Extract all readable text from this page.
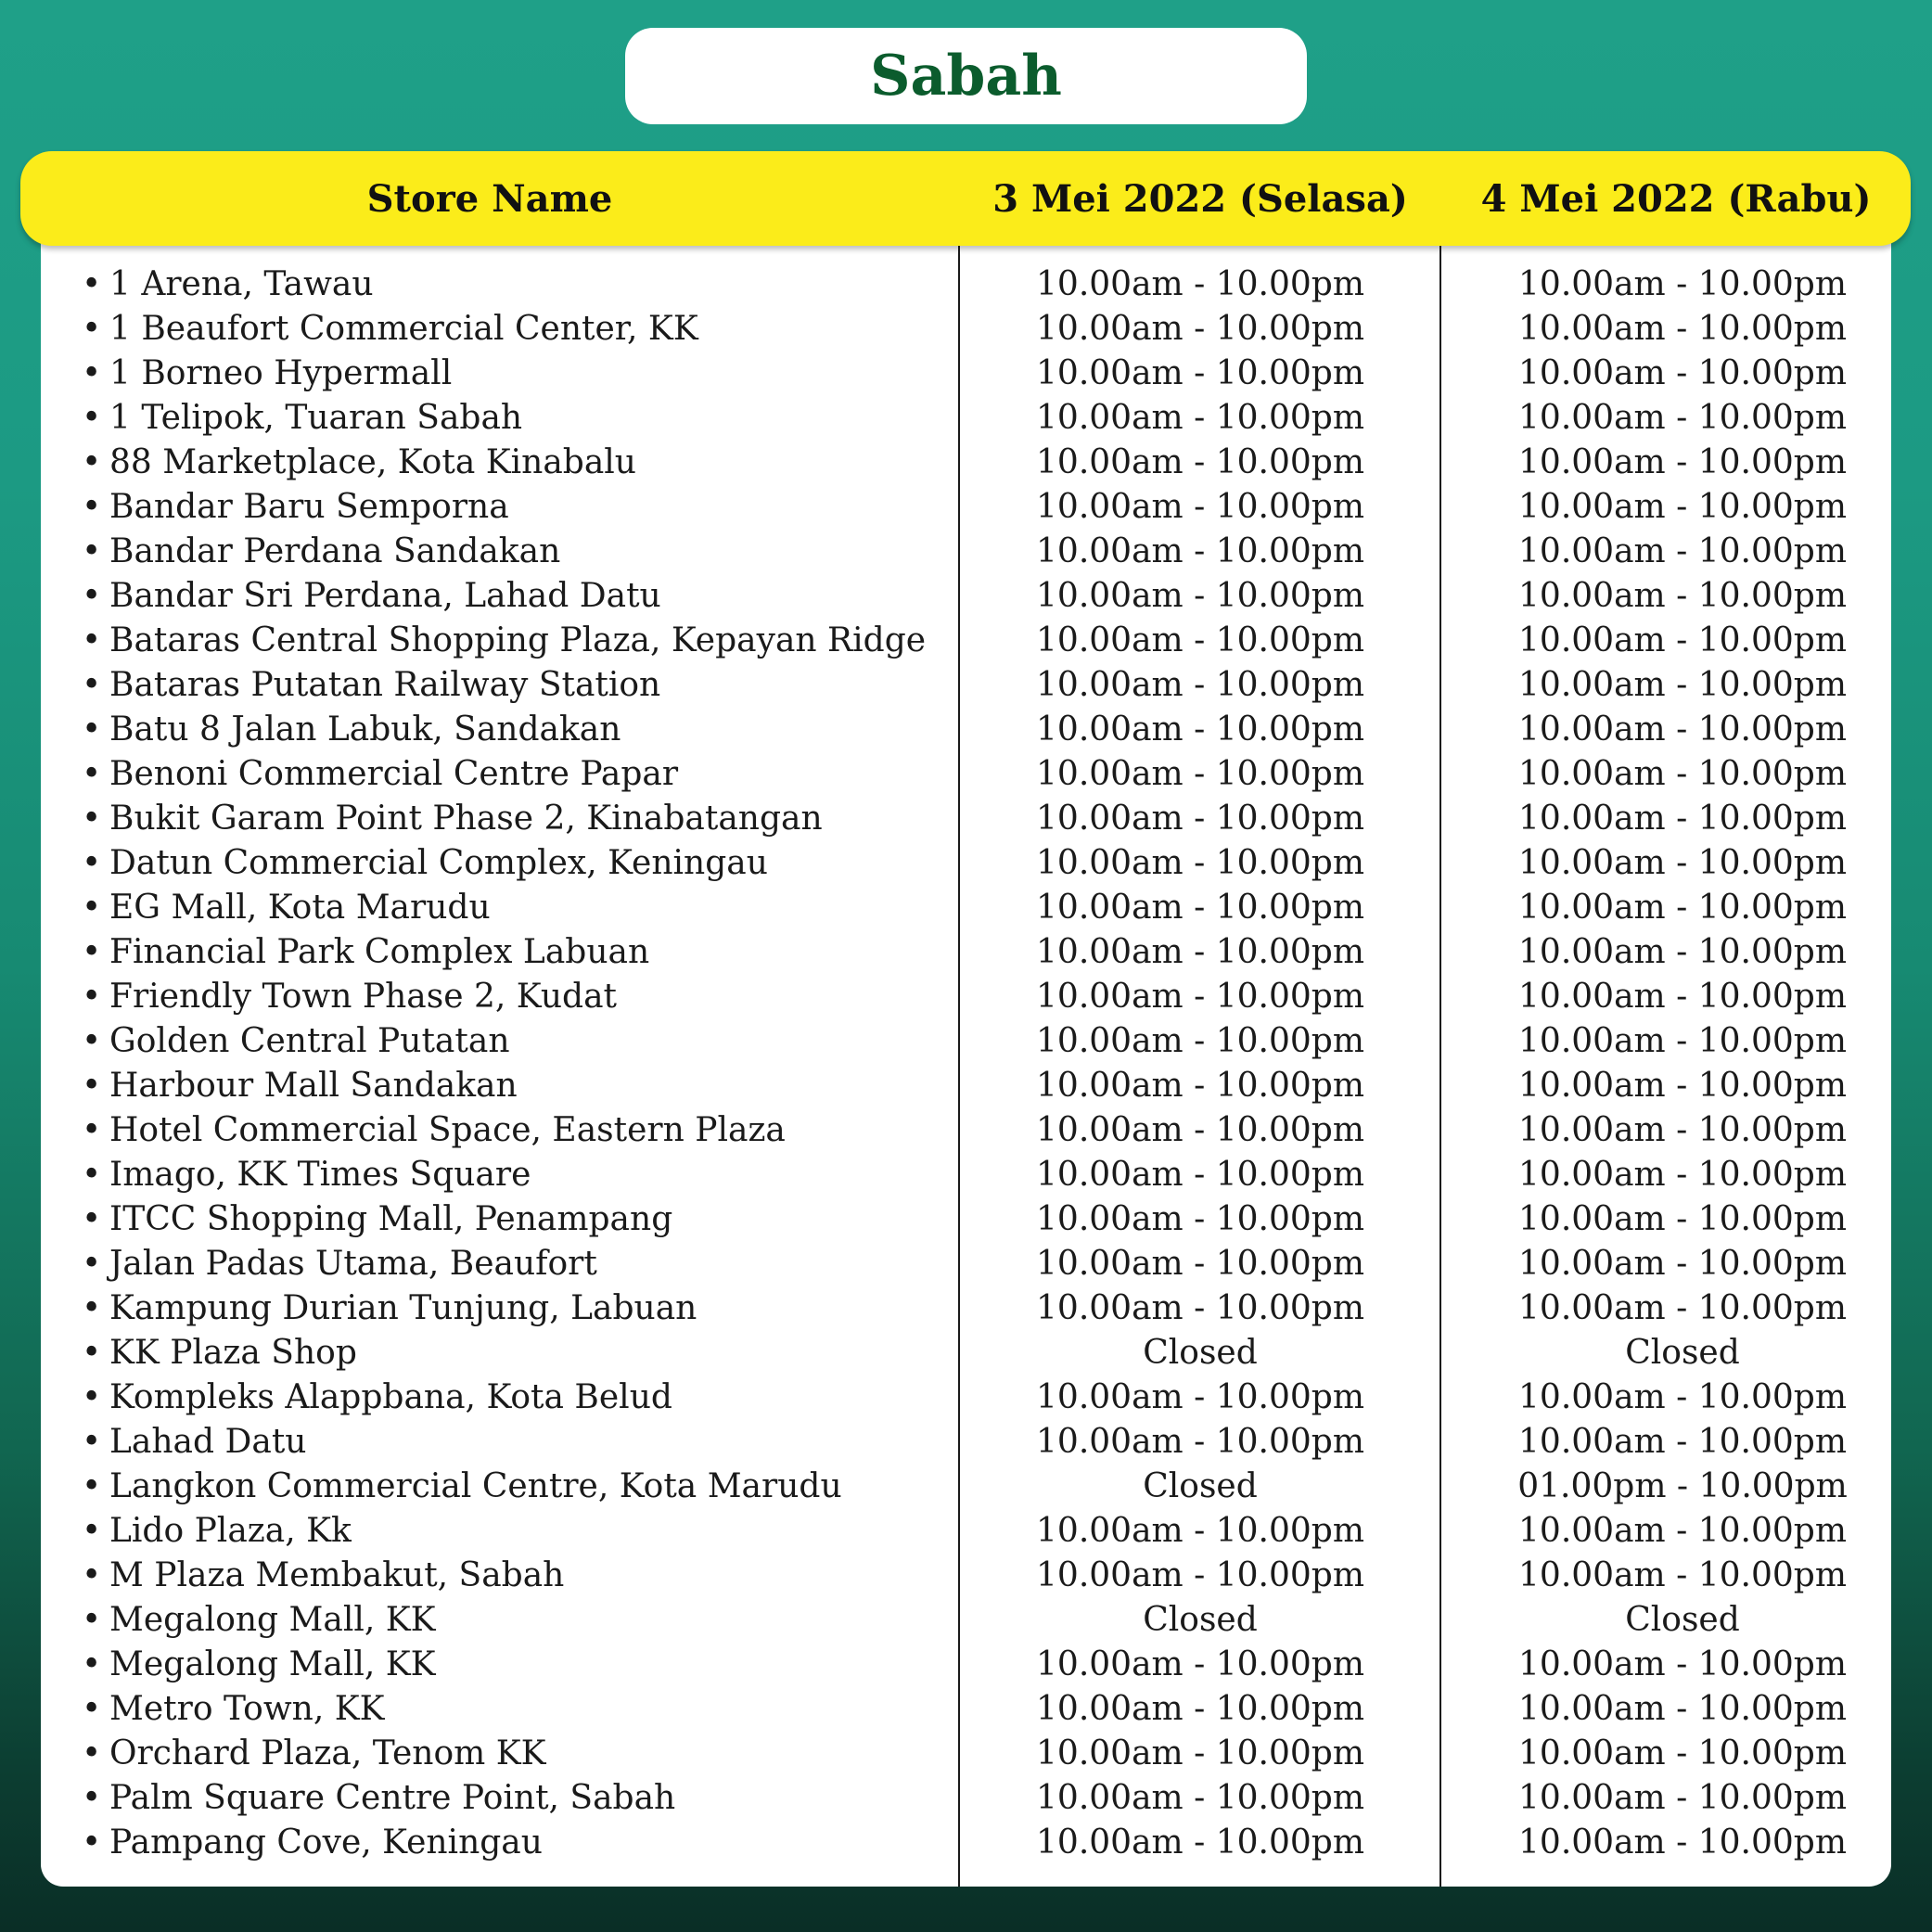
Sabah
Store Name	3 Mei 2022 (Selasa)	4 Mei 2022 (Rabu)
• 1 Arena, Tawau	10.00am - 10.00pm	10.00am - 10.00pm
• 1 Beaufort Commercial Center, KK	10.00am - 10.00pm	10.00am - 10.00pm
• 1 Borneo Hypermall	10.00am - 10.00pm	10.00am - 10.00pm
• 1 Telipok, Tuaran Sabah	10.00am - 10.00pm	10.00am - 10.00pm
• 88 Marketplace, Kota Kinabalu	10.00am - 10.00pm	10.00am - 10.00pm
• Bandar Baru Semporna	10.00am - 10.00pm	10.00am - 10.00pm
• Bandar Perdana Sandakan	10.00am - 10.00pm	10.00am - 10.00pm
• Bandar Sri Perdana, Lahad Datu	10.00am - 10.00pm	10.00am - 10.00pm
• Bataras Central Shopping Plaza, Kepayan Ridge	10.00am - 10.00pm	10.00am - 10.00pm
• Bataras Putatan Railway Station	10.00am - 10.00pm	10.00am - 10.00pm
• Batu 8 Jalan Labuk, Sandakan	10.00am - 10.00pm	10.00am - 10.00pm
• Benoni Commercial Centre Papar	10.00am - 10.00pm	10.00am - 10.00pm
• Bukit Garam Point Phase 2, Kinabatangan	10.00am - 10.00pm	10.00am - 10.00pm
• Datun Commercial Complex, Keningau	10.00am - 10.00pm	10.00am - 10.00pm
• EG Mall, Kota Marudu	10.00am - 10.00pm	10.00am - 10.00pm
• Financial Park Complex Labuan	10.00am - 10.00pm	10.00am - 10.00pm
• Friendly Town Phase 2, Kudat	10.00am - 10.00pm	10.00am - 10.00pm
• Golden Central Putatan	10.00am - 10.00pm	10.00am - 10.00pm
• Harbour Mall Sandakan	10.00am - 10.00pm	10.00am - 10.00pm
• Hotel Commercial Space, Eastern Plaza	10.00am - 10.00pm	10.00am - 10.00pm
• Imago, KK Times Square	10.00am - 10.00pm	10.00am - 10.00pm
• ITCC Shopping Mall, Penampang	10.00am - 10.00pm	10.00am - 10.00pm
• Jalan Padas Utama, Beaufort	10.00am - 10.00pm	10.00am - 10.00pm
• Kampung Durian Tunjung, Labuan	10.00am - 10.00pm	10.00am - 10.00pm
• KK Plaza Shop	Closed	Closed
• Kompleks Alappbana, Kota Belud	10.00am - 10.00pm	10.00am - 10.00pm
• Lahad Datu	10.00am - 10.00pm	10.00am - 10.00pm
• Langkon Commercial Centre, Kota Marudu	Closed	01.00pm - 10.00pm
• Lido Plaza, Kk	10.00am - 10.00pm	10.00am - 10.00pm
• M Plaza Membakut, Sabah	10.00am - 10.00pm	10.00am - 10.00pm
• Megalong Mall, KK	Closed	Closed
• Megalong Mall, KK	10.00am - 10.00pm	10.00am - 10.00pm
• Metro Town, KK	10.00am - 10.00pm	10.00am - 10.00pm
• Orchard Plaza, Tenom KK	10.00am - 10.00pm	10.00am - 10.00pm
• Palm Square Centre Point, Sabah	10.00am - 10.00pm	10.00am - 10.00pm
• Pampang Cove, Keningau	10.00am - 10.00pm	10.00am - 10.00pm
